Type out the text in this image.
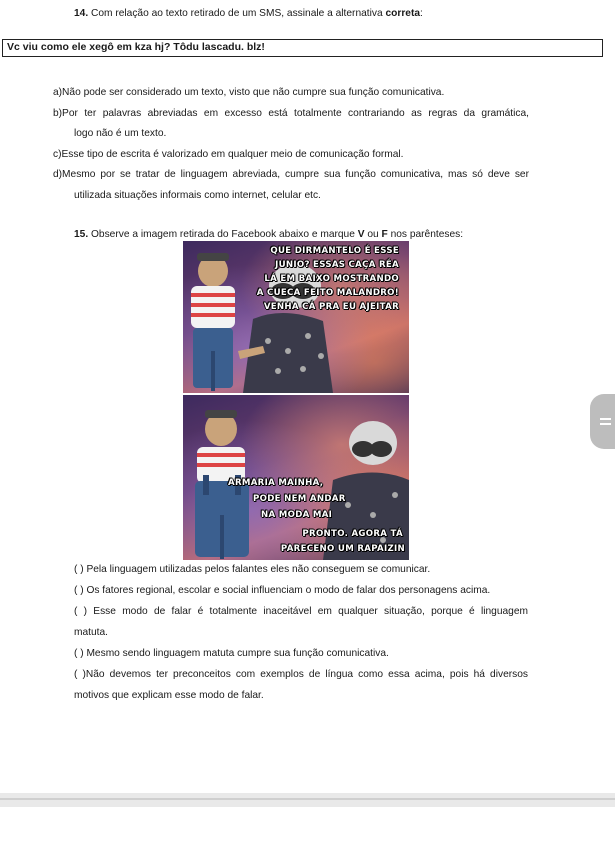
14. Com relação ao texto retirado de um SMS, assinale a alternativa correta:
Vc viu como ele xegô em kza hj? Tôdu lascadu. blz!
a)Não pode ser considerado um texto, visto que não cumpre sua função comunicativa.
b)Por ter palavras abreviadas em excesso está totalmente contrariando as regras da gramática,
logo não é um texto.
c)Esse tipo de escrita é valorizado em qualquer meio de comunicação formal.
d)Mesmo por se tratar de linguagem abreviada, cumpre sua função comunicativa, mas só deve ser
utilizada situações informais como internet, celular etc.
15. Observe a imagem retirada do Facebook abaixo e marque V ou F nos parênteses:
QUE DIRMANTELO É ESSE
JUNIO? ESSAS CAÇA RÉA
LÁ EM BAIXO MOSTRANDO
A CUECA FEITO MALANDRO!
VENHA CÁ PRA EU AJEITAR
ARMARIA MAINHA,
PODE NEM ANDAR
NA MODA MAI
PRONTO. AGORA TÁ
PARECENO UM RAPAIZIN
( ) Pela linguagem utilizadas pelos falantes eles não conseguem se comunicar.
( ) Os fatores regional, escolar e social influenciam o modo de falar dos personagens acima.
( ) Esse modo de falar é totalmente inaceitável em qualquer situação, porque é linguagem
matuta.
( ) Mesmo sendo linguagem matuta cumpre sua função comunicativa.
( )Não devemos ter preconceitos com exemplos de língua como essa acima, pois há diversos
motivos que explicam esse modo de falar.
